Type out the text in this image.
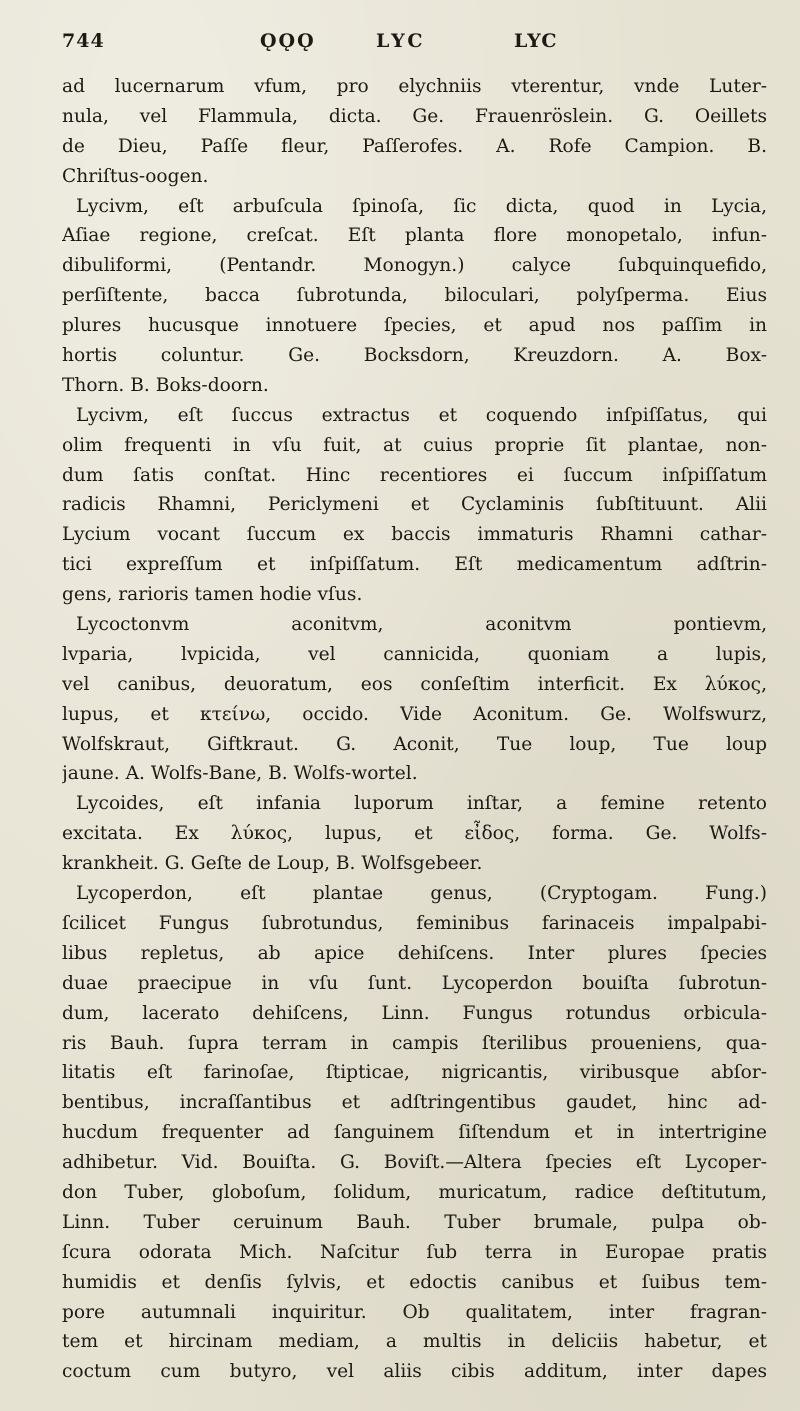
744	ǪǪǪ	LYC	LYC
ad lucernarum vfum, pro elychniis vterentur, vnde Luter-
nula, vel Flammula, dicta. Ge. Frauenröslein. G. Oeillets
de Dieu, Paſſe fleur, Paſſerofes. A. Rofe Campion. B.
Chriſtus-oogen.
Lycivm, eſt arbuſcula ſpinoſa, ſic dicta, quod in Lycia,
Aſiae regione, creſcat. Eſt planta flore monopetalo, infun-
dibuliformi, (Pentandr. Monogyn.) calyce ſubquinquefido,
perſiſtente, bacca ſubrotunda, biloculari, polyſperma. Eius
plures hucusque innotuere ſpecies, et apud nos paſſim in
hortis coluntur. Ge. Bocksdorn, Kreuzdorn. A. Box-
Thorn. B. Boks-doorn.
Lycivm, eſt ſuccus extractus et coquendo inſpiſſatus, qui
olim frequenti in vſu fuit, at cuius proprie ſit plantae, non-
dum ſatis conſtat. Hinc recentiores ei ſuccum inſpiſſatum
radicis Rhamni, Periclymeni et Cyclaminis ſubſtituunt. Alii
Lycium vocant ſuccum ex baccis immaturis Rhamni cathar-
tici expreſſum et inſpiſſatum. Eſt medicamentum adſtrin-
gens, rarioris tamen hodie vſus.
Lycoctonvm aconitvm, aconitvm pontievm,
lvparia, lvpicida, vel cannicida, quoniam a lupis,
vel canibus, deuoratum, eos conſeſtim interficit. Ex λύκος,
lupus, et κτείνω, occido. Vide Aconitum. Ge. Wolfswurz,
Wolfskraut, Giftkraut. G. Aconit, Tue loup, Tue loup
jaune. A. Wolfs-Bane, B. Wolfs-wortel.
Lycoides, eſt infania luporum inſtar, a femine retento
excitata. Ex λύκος, lupus, et εἶδος, forma. Ge. Wolfs-
krankheit. G. Geſte de Loup, B. Wolfsgebeer.
Lycoperdon, eſt plantae genus, (Cryptogam. Fung.)
ſcilicet Fungus ſubrotundus, feminibus farinaceis impalpabi-
libus repletus, ab apice dehiſcens. Inter plures ſpecies
duae praecipue in vſu ſunt. Lycoperdon bouiſta ſubrotun-
dum, lacerato dehiſcens, Linn. Fungus rotundus orbicula-
ris Bauh. ſupra terram in campis ſterilibus proueniens, qua-
litatis eſt farinoſae, ſtipticae, nigricantis, viribusque abſor-
bentibus, incraſſantibus et adſtringentibus gaudet, hinc ad-
hucdum frequenter ad ſanguinem ſiſtendum et in intertrigine
adhibetur. Vid. Bouiſta. G. Boviſt.—Altera ſpecies eſt Lycoper-
don Tuber, globoſum, ſolidum, muricatum, radice deſtitutum,
Linn. Tuber ceruinum Bauh. Tuber brumale, pulpa ob-
ſcura odorata Mich. Naſcitur ſub terra in Europae pratis
humidis et denſis ſylvis, et edoctis canibus et ſuibus tem-
pore autumnali inquiritur. Ob qualitatem, inter fragran-
tem et hircinam mediam, a multis in deliciis habetur, et
coctum cum butyro, vel aliis cibis additum, inter dapes
